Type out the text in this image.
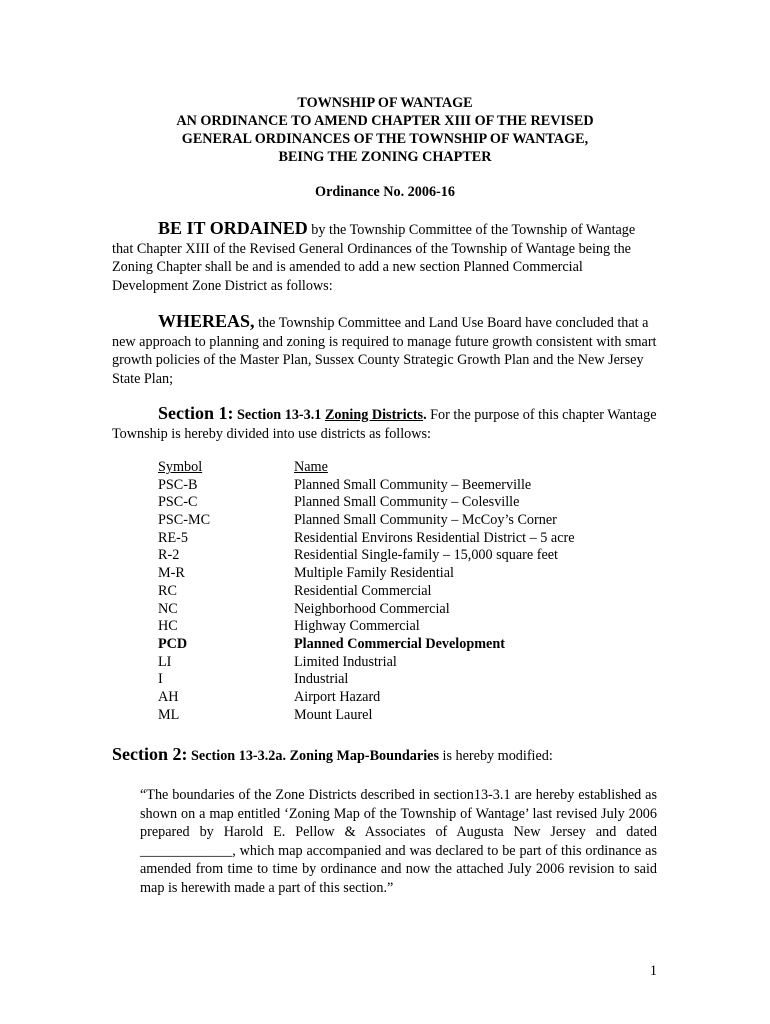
TOWNSHIP OF WANTAGE
AN ORDINANCE TO AMEND CHAPTER XIII OF THE REVISED
GENERAL ORDINANCES OF THE TOWNSHIP OF WANTAGE,
BEING THE ZONING CHAPTER
Ordinance No. 2006-16
BE IT ORDAINED by the Township Committee of the Township of Wantage that Chapter XIII of the Revised General Ordinances of the Township of Wantage being the Zoning Chapter shall be and is amended to add a new section Planned Commercial Development Zone District as follows:
WHEREAS, the Township Committee and Land Use Board have concluded that a new approach to planning and zoning is required to manage future growth consistent with smart growth policies of the Master Plan, Sussex County Strategic Growth Plan and the New Jersey State Plan;
Section 1: Section 13-3.1 Zoning Districts. For the purpose of this chapter Wantage Township is hereby divided into use districts as follows:
Symbol	Name
PSC-B	Planned Small Community – Beemerville
PSC-C	Planned Small Community – Colesville
PSC-MC	Planned Small Community – McCoy’s Corner
RE-5	Residential Environs Residential District – 5 acre
R-2	Residential Single-family – 15,000 square feet
M-R	Multiple Family Residential
RC	Residential Commercial
NC	Neighborhood Commercial
HC	Highway Commercial
PCD	Planned Commercial Development
LI	Limited Industrial
I	Industrial
AH	Airport Hazard
ML	Mount Laurel
Section 2: Section 13-3.2a. Zoning Map-Boundaries is hereby modified:
“The boundaries of the Zone Districts described in section13-3.1 are hereby established as shown on a map entitled ‘Zoning Map of the Township of Wantage’ last revised July 2006 prepared by Harold E. Pellow & Associates of Augusta New Jersey and dated _____________, which map accompanied and was declared to be part of this ordinance as amended from time to time by ordinance and now the attached July 2006 revision to said map is herewith made a part of this section.”
1
